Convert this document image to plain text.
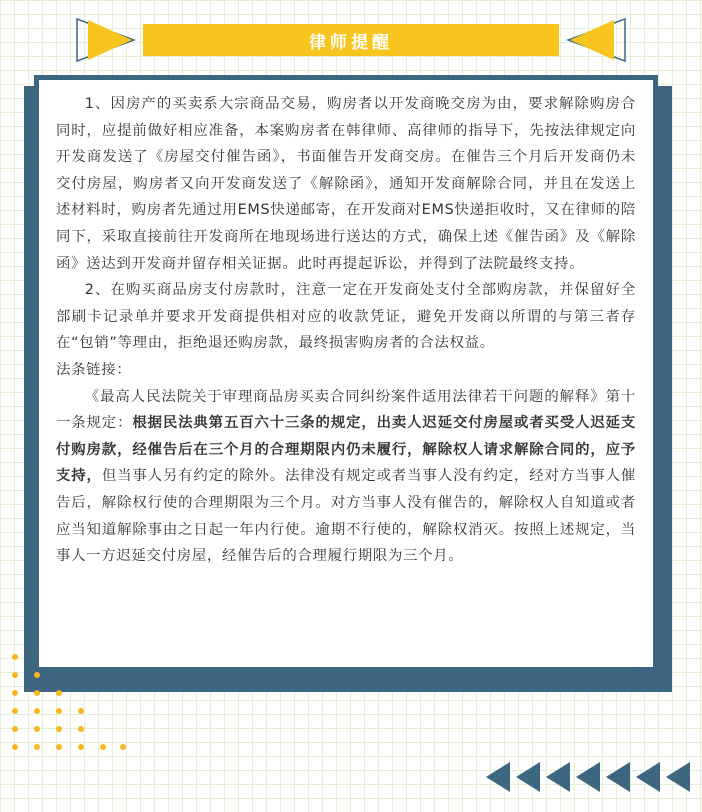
律师提醒

1、因房产的买卖系大宗商品交易，购房者以开发商晚交房为由，要求解除购房合同时，应提前做好相应准备，本案购房者在韩律师、高律师的指导下，先按法律规定向开发商发送了《房屋交付催告函》，书面催告开发商交房。在催告三个月后开发商仍未交付房屋，购房者又向开发商发送了《解除函》，通知开发商解除合同，并且在发送上述材料时，购房者先通过用EMS快递邮寄，在开发商对EMS快递拒收时，又在律师的陪同下，采取直接前往开发商所在地现场进行送达的方式，确保上述《催告函》及《解除函》送达到开发商并留存相关证据。此时再提起诉讼，并得到了法院最终支持。

2、在购买商品房支付房款时，注意一定在开发商处支付全部购房款，并保留好全部刷卡记录单并要求开发商提供相对应的收款凭证，避免开发商以所谓的与第三者存在“包销”等理由，拒绝退还购房款，最终损害购房者的合法权益。

法条链接：

《最高人民法院关于审理商品房买卖合同纠纷案件适用法律若干问题的解释》第十一条规定：根据民法典第五百六十三条的规定，出卖人迟延交付房屋或者买受人迟延支付购房款，经催告后在三个月的合理期限内仍未履行，解除权人请求解除合同的，应予支持，但当事人另有约定的除外。法律没有规定或者当事人没有约定，经对方当事人催告后，解除权行使的合理期限为三个月。对方当事人没有催告的，解除权人自知道或者应当知道解除事由之日起一年内行使。逾期不行使的，解除权消灭。按照上述规定，当事人一方迟延交付房屋，经催告后的合理履行期限为三个月。
